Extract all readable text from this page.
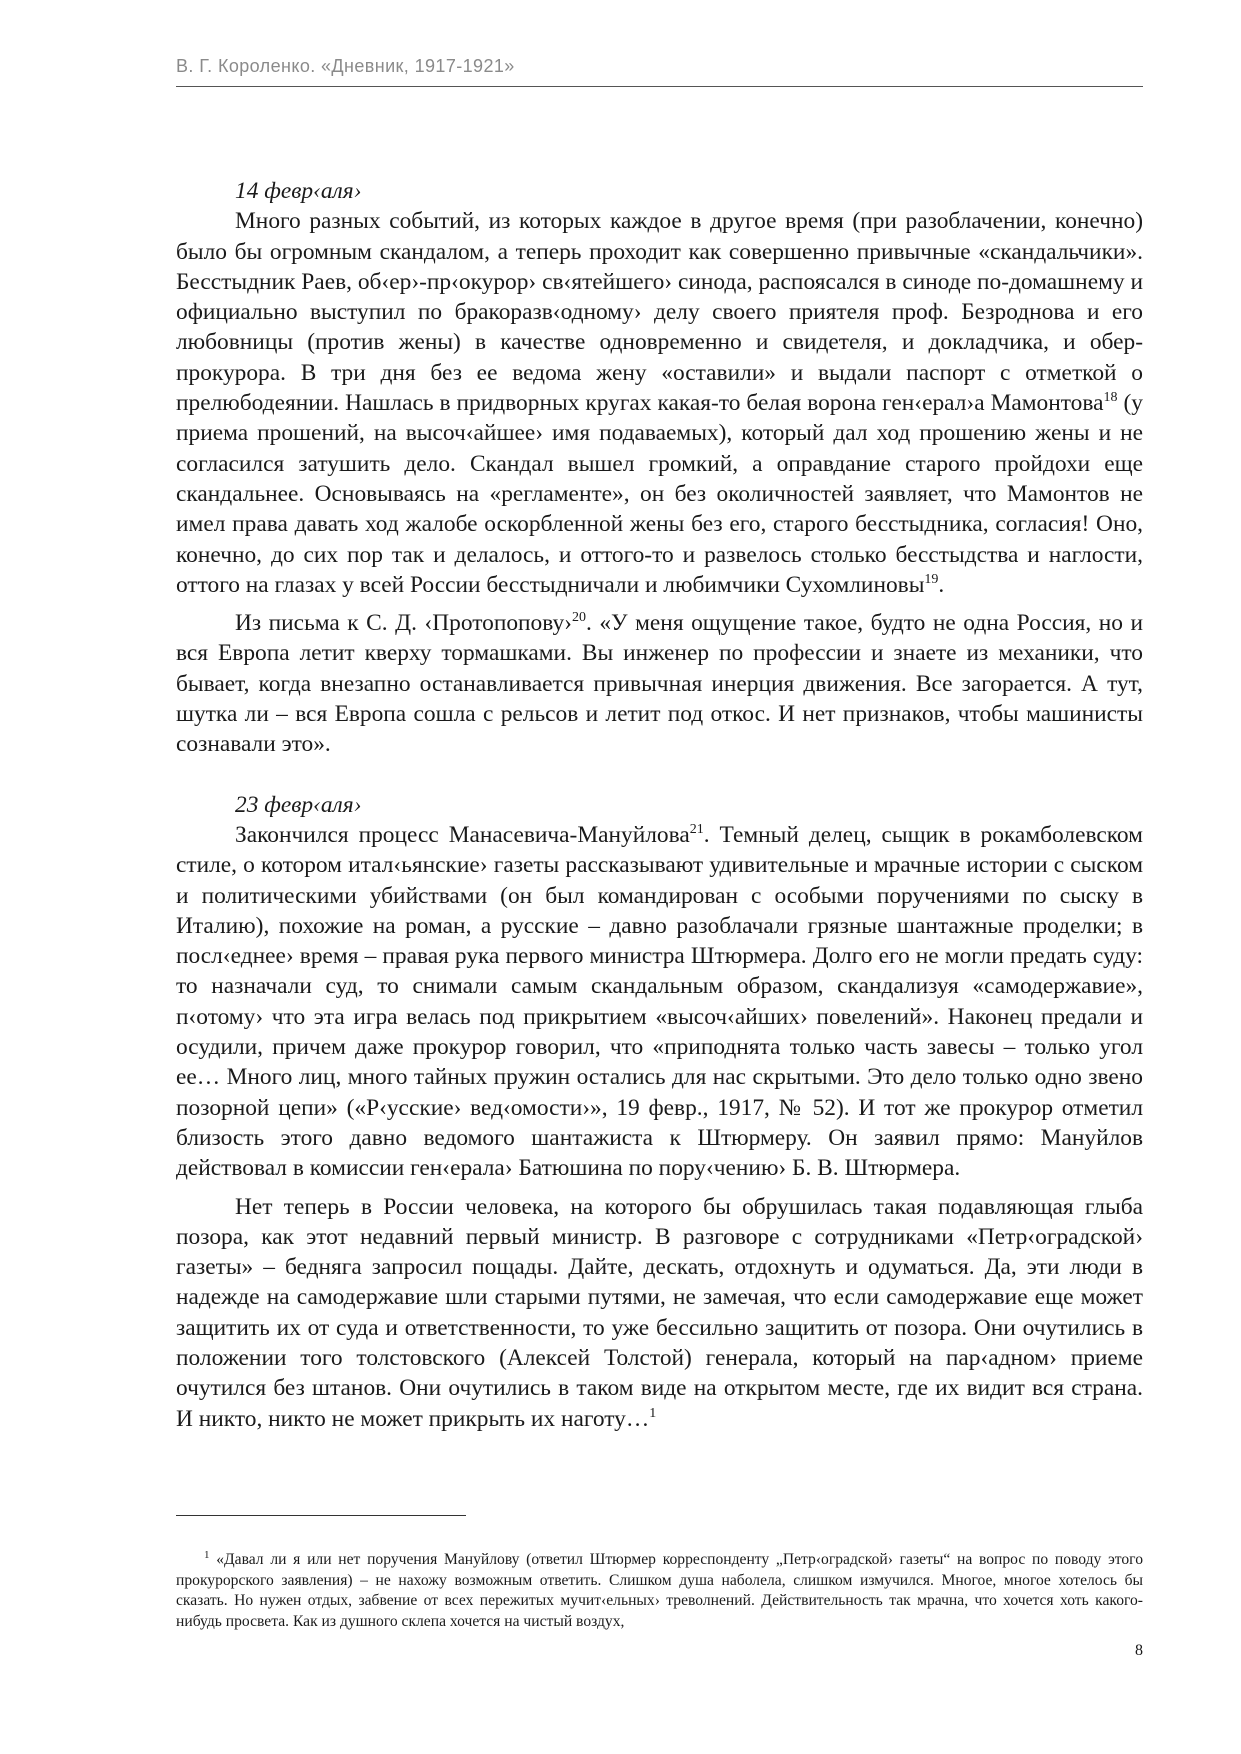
В. Г. Короленко. «Дневник, 1917-1921»
14 февр‹аля›

Много разных событий, из которых каждое в другое время (при разоблачении, конечно) было бы огромным скандалом, а теперь проходит как совершенно привычные «скандальчики». Бесстыдник Раев, об‹ер›-пр‹окурор› св‹ятейшего› синода, распоясался в синоде по-домашнему и официально выступил по бракоразв‹одному› делу своего приятеля проф. Безроднова и его любовницы (против жены) в качестве одновременно и свидетеля, и докладчика, и обер-прокурора. В три дня без ее ведома жену «оставили» и выдали паспорт с отметкой о прелюбодеянии. Нашлась в придворных кругах какая-то белая ворона ген‹ерал›а Мамонтова$^{18}$ (у приема прошений, на высоч‹айшее› имя подаваемых), который дал ход прошению жены и не согласился затушить дело. Скандал вышел громкий, а оправдание старого пройдохи еще скандальнее. Основываясь на «регламенте», он без околичностей заявляет, что Мамонтов не имел права давать ход жалобе оскорбленной жены без его, старого бесстыдника, согласия! Оно, конечно, до сих пор так и делалось, и оттого-то и развелось столько бесстыдства и наглости, оттого на глазах у всей России бесстыдничали и любимчики Сухомлиновы$^{19}$.

Из письма к С. Д. ‹Протопопову›$^{20}$. «У меня ощущение такое, будто не одна Россия, но и вся Европа летит кверху тормашками. Вы инженер по профессии и знаете из механики, что бывает, когда внезапно останавливается привычная инерция движения. Все загорается. А тут, шутка ли – вся Европа сошла с рельсов и летит под откос. И нет признаков, чтобы машинисты сознавали это».

23 февр‹аля›

Закончился процесс Манасевича-Мануйлова$^{21}$. Темный делец, сыщик в рокамболевском стиле, о котором итал‹ьянские› газеты рассказывают удивительные и мрачные истории с сыском и политическими убийствами (он был командирован с особыми поручениями по сыску в Италию), похожие на роман, а русские – давно разоблачали грязные шантажные проделки; в посл‹еднее› время – правая рука первого министра Штюрмера. Долго его не могли предать суду: то назначали суд, то снимали самым скандальным образом, скандализуя «самодержавие», п‹отому› что эта игра велась под прикрытием «высоч‹айших› повелений». Наконец предали и осудили, причем даже прокурор говорил, что «приподнята только часть завесы – только угол ее… Много лиц, много тайных пружин остались для нас скрытыми. Это дело только одно звено позорной цепи» («Р‹усские› вед‹омости›», 19 февр., 1917, № 52). И тот же прокурор отметил близость этого давно ведомого шантажиста к Штюрмеру. Он заявил прямо: Мануйлов действовал в комиссии ген‹ерала› Батюшина по пору‹чению› Б. В. Штюрмера.

Нет теперь в России человека, на которого бы обрушилась такая подавляющая глыба позора, как этот недавний первый министр. В разговоре с сотрудниками «Петр‹оградской› газеты» – бедняга запросил пощады. Дайте, дескать, отдохнуть и одуматься. Да, эти люди в надежде на самодержавие шли старыми путями, не замечая, что если самодержавие еще может защитить их от суда и ответственности, то уже бессильно защитить от позора. Они очутились в положении того толстовского (Алексей Толстой) генерала, который на пар‹адном› приеме очутился без штанов. Они очутились в таком виде на открытом месте, где их видит вся страна. И никто, никто не может прикрыть их наготу…$^1$

$^1$ «Давал ли я или нет поручения Мануйлову (ответил Штюрмер корреспонденту „Петр‹оградской› газеты“ на вопрос по поводу этого прокурорского заявления) – не нахожу возможным ответить. Слишком душа наболела, слишком измучился. Многое, многое хотелось бы сказать. Но нужен отдых, забвение от всех пережитых мучит‹ельных› треволнений. Действительность так мрачна, что хочется хоть какого-нибудь просвета. Как из душного склепа хочется на чистый воздух,

8
